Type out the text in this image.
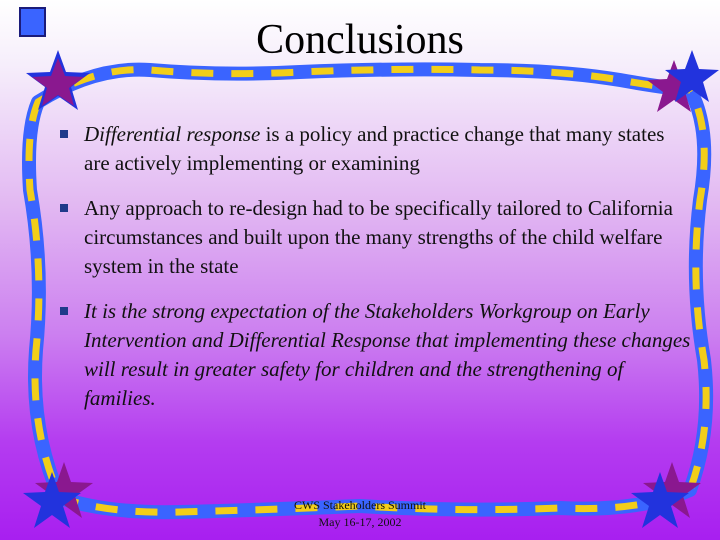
Conclusions
Differential response is a policy and practice change that many states are actively implementing or examining
Any approach to re-design had to be specifically tailored to California circumstances and built upon the many strengths of the child welfare system in the state
It is the strong expectation of the Stakeholders Workgroup on Early Intervention and Differential Response that implementing these changes will result in greater safety for children and the strengthening of families.
CWS Stakeholders Summit
May 16-17, 2002
